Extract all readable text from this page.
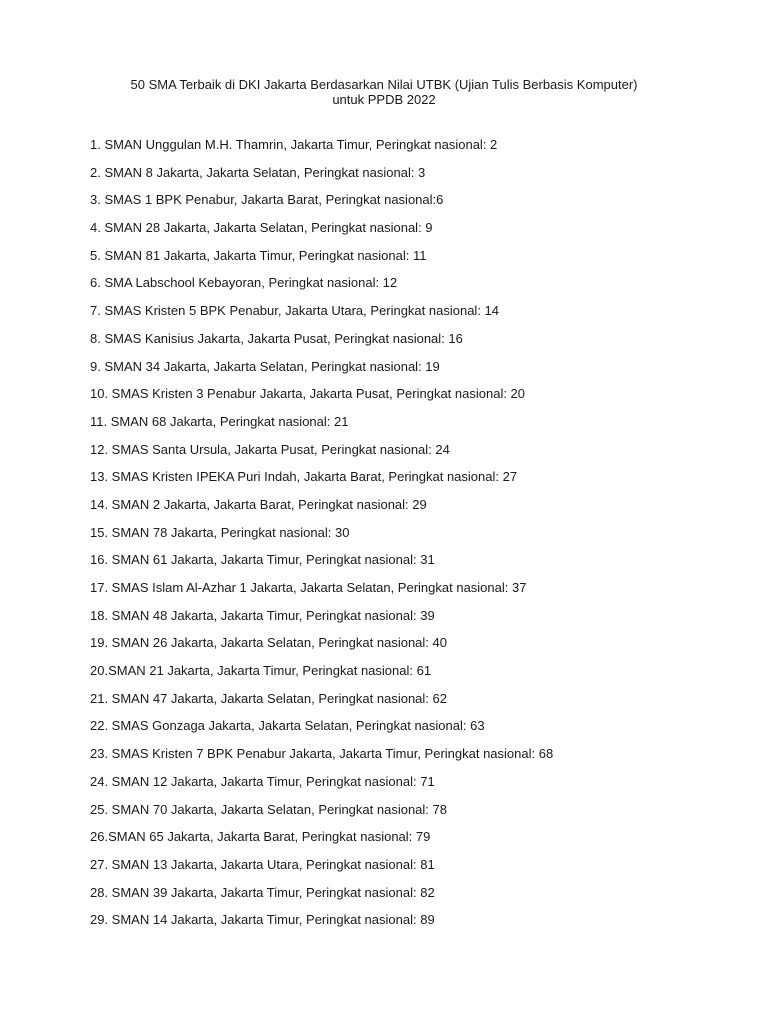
50 SMA Terbaik di DKI Jakarta Berdasarkan Nilai UTBK (Ujian Tulis Berbasis Komputer)
untuk PPDB 2022
1. SMAN Unggulan M.H. Thamrin, Jakarta Timur, Peringkat nasional: 2
2. SMAN 8 Jakarta, Jakarta Selatan, Peringkat nasional: 3
3. SMAS 1 BPK Penabur, Jakarta Barat, Peringkat nasional:6
4. SMAN 28 Jakarta, Jakarta Selatan, Peringkat nasional: 9
5. SMAN 81 Jakarta, Jakarta Timur, Peringkat nasional: 11
6. SMA Labschool Kebayoran, Peringkat nasional: 12
7. SMAS Kristen 5 BPK Penabur, Jakarta Utara, Peringkat nasional: 14
8. SMAS Kanisius Jakarta, Jakarta Pusat, Peringkat nasional: 16
9. SMAN 34 Jakarta, Jakarta Selatan, Peringkat nasional: 19
10. SMAS Kristen 3 Penabur Jakarta, Jakarta Pusat, Peringkat nasional: 20
11. SMAN 68 Jakarta, Peringkat nasional: 21
12. SMAS Santa Ursula, Jakarta Pusat, Peringkat nasional: 24
13. SMAS Kristen IPEKA Puri Indah, Jakarta Barat, Peringkat nasional: 27
14. SMAN 2 Jakarta, Jakarta Barat, Peringkat nasional: 29
15. SMAN 78 Jakarta, Peringkat nasional: 30
16. SMAN 61 Jakarta, Jakarta Timur, Peringkat nasional: 31
17. SMAS Islam Al-Azhar 1 Jakarta, Jakarta Selatan, Peringkat nasional: 37
18. SMAN 48 Jakarta, Jakarta Timur, Peringkat nasional: 39
19. SMAN 26 Jakarta, Jakarta Selatan, Peringkat nasional: 40
20.SMAN 21 Jakarta, Jakarta Timur, Peringkat nasional: 61
21. SMAN 47 Jakarta, Jakarta Selatan, Peringkat nasional: 62
22. SMAS Gonzaga Jakarta, Jakarta Selatan, Peringkat nasional: 63
23. SMAS Kristen 7 BPK Penabur Jakarta, Jakarta Timur, Peringkat nasional: 68
24. SMAN 12 Jakarta, Jakarta Timur, Peringkat nasional: 71
25. SMAN 70 Jakarta, Jakarta Selatan, Peringkat nasional: 78
26.SMAN 65 Jakarta, Jakarta Barat, Peringkat nasional: 79
27. SMAN 13 Jakarta, Jakarta Utara, Peringkat nasional: 81
28. SMAN 39 Jakarta, Jakarta Timur, Peringkat nasional: 82
29. SMAN 14 Jakarta, Jakarta Timur, Peringkat nasional: 89
